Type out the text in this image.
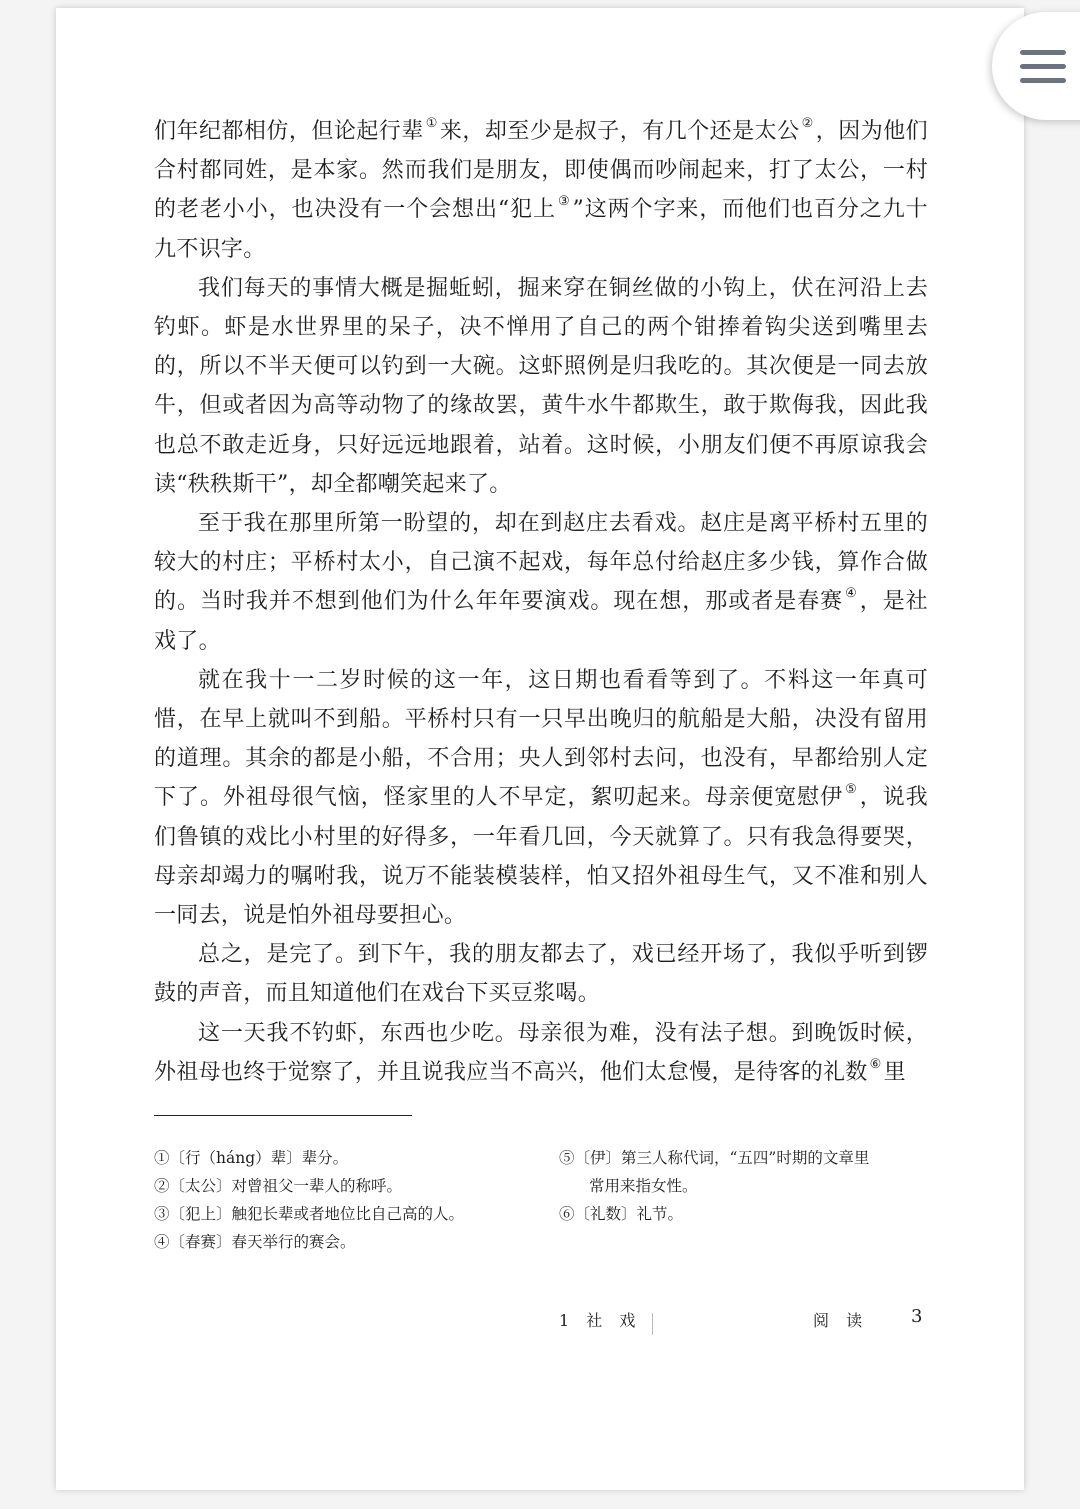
们年纪都相仿，但论起行辈 ①来，却至少是叔子，有几个还是太公 ②，因为他们合村都同姓，是本家。然而我们是朋友，即使偶而吵闹起来，打了太公，一村的老老小小，也决没有一个会想出“犯上 ③”这两个字来，而他们也百分之九十九不识字。

我们每天的事情大概是掘蚯蚓，掘来穿在铜丝做的小钩上，伏在河沿上去钓虾。虾是水世界里的呆子，决不惮用了自己的两个钳捧着钩尖送到嘴里去的，所以不半天便可以钓到一大碗。这虾照例是归我吃的。其次便是一同去放牛，但或者因为高等动物了的缘故罢，黄牛水牛都欺生，敢于欺侮我，因此我也总不敢走近身，只好远远地跟着，站着。这时候，小朋友们便不再原谅我会读“秩秩斯干”，却全都嘲笑起来了。

至于我在那里所第一盼望的，却在到赵庄去看戏。赵庄是离平桥村五里的较大的村庄；平桥村太小，自己演不起戏，每年总付给赵庄多少钱，算作合做的。当时我并不想到他们为什么年年要演戏。现在想，那或者是春赛 ④，是社戏了。

就在我十一二岁时候的这一年，这日期也看看等到了。不料这一年真可惜，在早上就叫不到船。平桥村只有一只早出晚归的航船是大船，决没有留用的道理。其余的都是小船，不合用；央人到邻村去问，也没有，早都给别人定下了。外祖母很气恼，怪家里的人不早定，絮叨起来。母亲便宽慰伊 ⑤，说我们鲁镇的戏比小村里的好得多，一年看几回，今天就算了。只有我急得要哭，母亲却竭力的嘱咐我，说万不能装模装样，怕又招外祖母生气，又不准和别人一同去，说是怕外祖母要担心。

总之，是完了。到下午，我的朋友都去了，戏已经开场了，我似乎听到锣鼓的声音，而且知道他们在戏台下买豆浆喝。

这一天我不钓虾，东西也少吃。母亲很为难，没有法子想。到晚饭时候，外祖母也终于觉察了，并且说我应当不高兴，他们太怠慢，是待客的礼数 ⑥里

①〔行（háng）辈〕辈分。

②〔太公〕对曾祖父一辈人的称呼。

③〔犯上〕触犯长辈或者地位比自己高的人。

④〔春赛〕春天举行的赛会。

⑤〔伊〕第三人称代词，“五四”时期的文章里

常用来指女性。

⑥〔礼数〕礼节。

1 社 戏	阅 读 3
